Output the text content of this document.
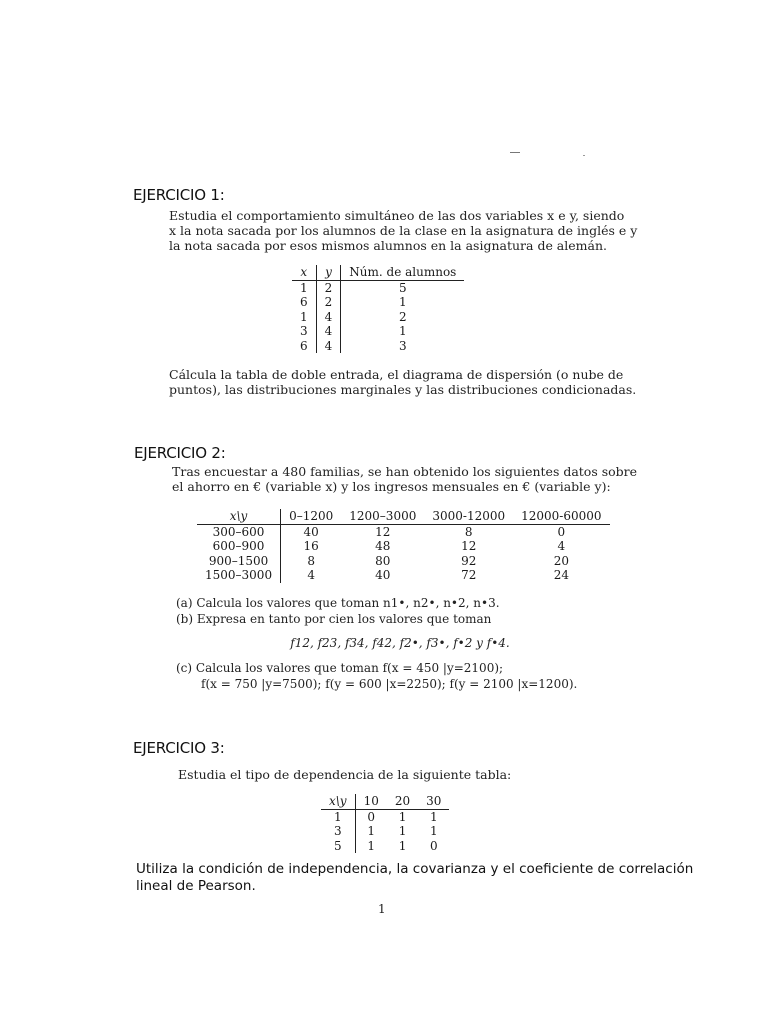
EJERCICIO 1:

Estudia el comportamiento simultáneo de las dos variables x e y, siendo

x la nota sacada por los alumnos de la clase en la asignatura de inglés e y

la nota sacada por esos mismos alumnos en la asignatura de alemán.

x	y	Núm. de alumnos
1	2	5
6	2	1
1	4	2
3	4	1
6	4	3

Cálcula la tabla de doble entrada, el diagrama de dispersión (o nube de

puntos), las distribuciones marginales y las distribuciones condicionadas.

EJERCICIO 2:

Tras encuestar a 480 familias, se han obtenido los siguientes datos sobre

el ahorro en € (variable x) y los ingresos mensuales en € (variable y):

x\y	0–1200	1200–3000	3000-12000	12000-60000
300–600	40	12	8	0
600–900	16	48	12	4
900–1500	8	80	92	20
1500–3000	4	40	72	24

(a) Calcula los valores que toman n1•, n2•, n•2, n•3.

(b) Expresa en tanto por cien los valores que toman

f12, f23, f34, f42, f2•, f3•, f•2 y f•4.

(c) Calcula los valores que toman f(x = 450 |y=2100);

f(x = 750 |y=7500); f(y = 600 |x=2250); f(y = 2100 |x=1200).

EJERCICIO 3:
Estudia el tipo de dependencia de la siguiente tabla:
x\y	10	20	30
1	0	1	1
3	1	1	1
5	1	1	0
Utiliza la condición de independencia, la covarianza y el coeficiente de correlación
lineal de Pearson.
1
